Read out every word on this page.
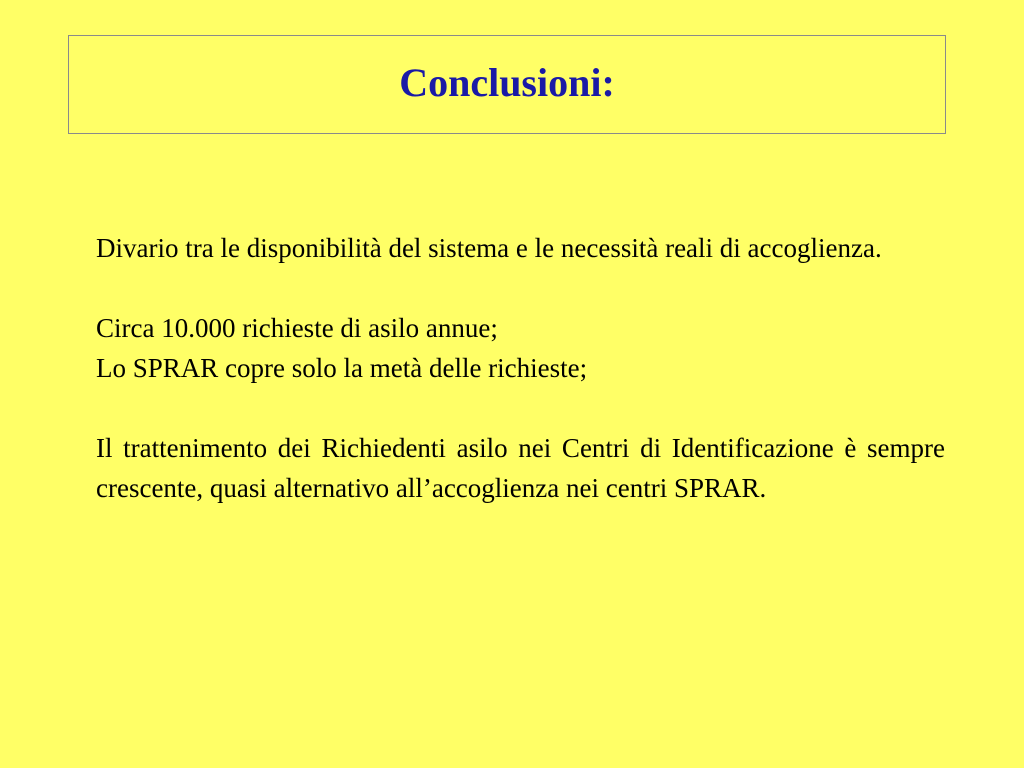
Conclusioni:

Divario tra le disponibilità del sistema e le necessità reali di accoglienza.

Circa 10.000 richieste di asilo annue;

Lo SPRAR copre solo la metà delle richieste;

Il trattenimento dei Richiedenti asilo nei Centri di Identificazione è sempre crescente, quasi alternativo all’accoglienza nei centri SPRAR.
